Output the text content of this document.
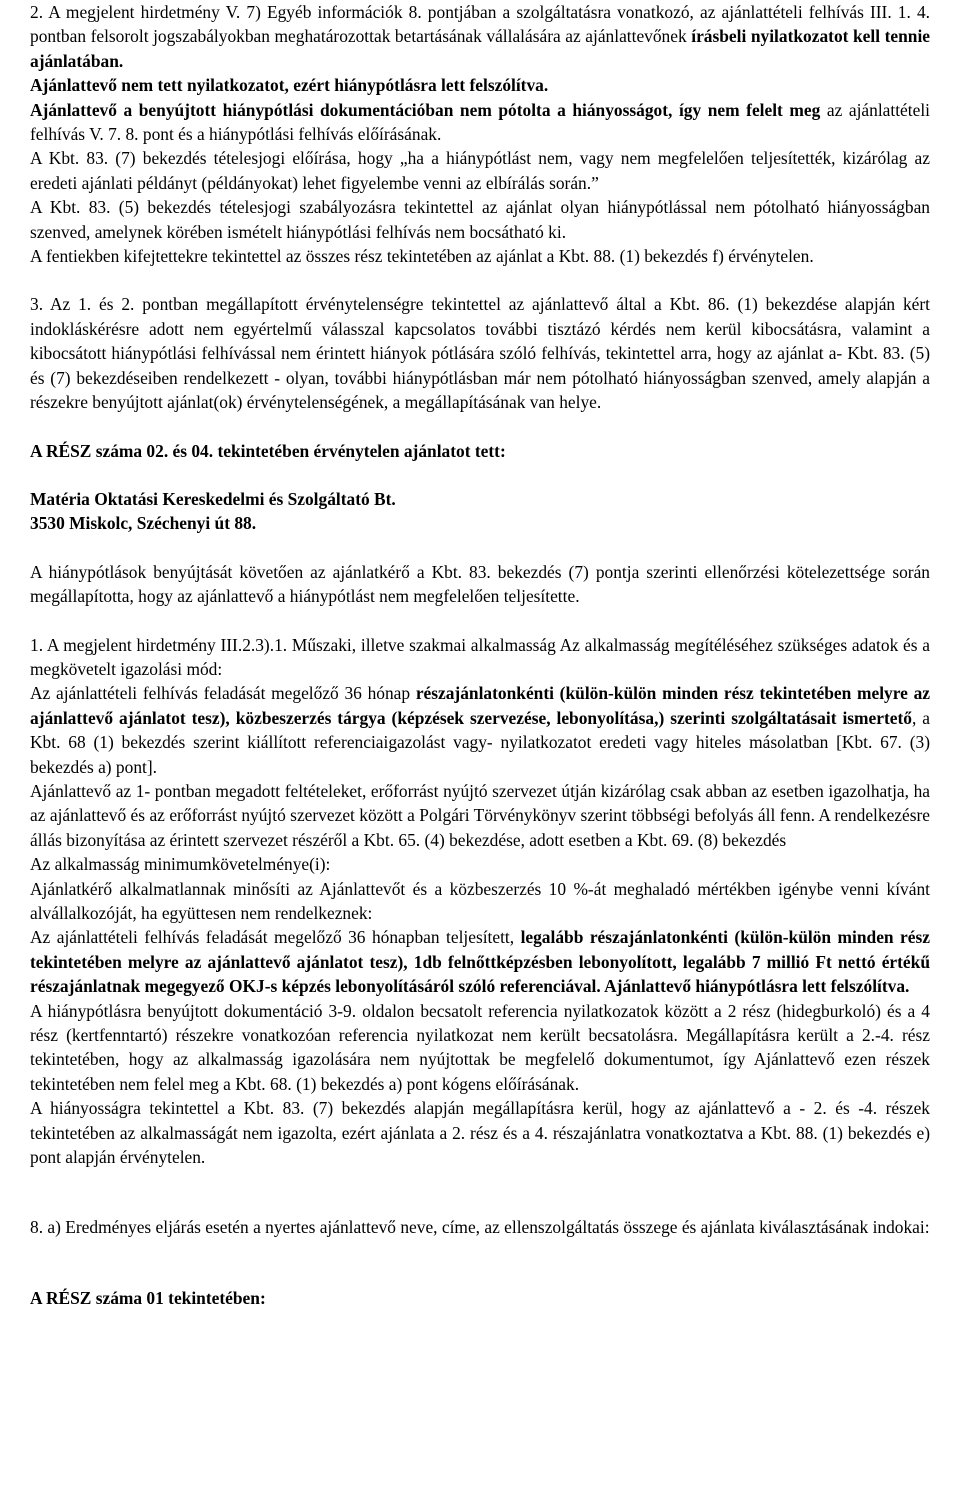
2. A megjelent hirdetmény V. 7) Egyéb információk 8. pontjában a szolgáltatásra vonatkozó, az ajánlattételi felhívás III. 1. 4. pontban felsorolt jogszabályokban meghatározottak betartásának vállalására az ajánlattevőnek írásbeli nyilatkozatot kell tennie ajánlatában.

Ajánlattevő nem tett nyilatkozatot, ezért hiánypótlásra lett felszólítva.

Ajánlattevő a benyújtott hiánypótlási dokumentációban nem pótolta a hiányosságot, így nem felelt meg az ajánlattételi felhívás V. 7. 8. pont és a hiánypótlási felhívás előírásának.

A Kbt. 83. (7) bekezdés tételesjogi előírása, hogy „ha a hiánypótlást nem, vagy nem megfelelően teljesítették, kizárólag az eredeti ajánlati példányt (példányokat) lehet figyelembe venni az elbírálás során.”

A Kbt. 83. (5) bekezdés tételesjogi szabályozásra tekintettel az ajánlat olyan hiánypótlással nem pótolható hiányosságban szenved, amelynek körében ismételt hiánypótlási felhívás nem bocsátható ki.

A fentiekben kifejtettekre tekintettel az összes rész tekintetében az ajánlat a Kbt. 88. (1) bekezdés f) érvénytelen.

3. Az 1. és 2. pontban megállapított érvénytelenségre tekintettel az ajánlattevő által a Kbt. 86. (1) bekezdése alapján kért indokláskérésre adott nem egyértelmű válasszal kapcsolatos további tisztázó kérdés nem kerül kibocsátásra, valamint a kibocsátott hiánypótlási felhívással nem érintett hiányok pótlására szóló felhívás, tekintettel arra, hogy az ajánlat a- Kbt. 83. (5) és (7) bekezdéseiben rendelkezett - olyan, további hiánypótlásban már nem pótolható hiányosságban szenved, amely alapján a részekre benyújtott ajánlat(ok) érvénytelenségének, a megállapításának van helye.

A RÉSZ száma 02. és 04. tekintetében érvénytelen ajánlatot tett:

Matéria Oktatási Kereskedelmi és Szolgáltató Bt.

3530 Miskolc, Széchenyi út 88.

A hiánypótlások benyújtását követően az ajánlatkérő a Kbt. 83. bekezdés (7) pontja szerinti ellenőrzési kötelezettsége során megállapította, hogy az ajánlattevő a hiánypótlást nem megfelelően teljesítette.

1. A megjelent hirdetmény III.2.3).1. Műszaki, illetve szakmai alkalmasság Az alkalmasság megítéléséhez szükséges adatok és a megkövetelt igazolási mód:

Az ajánlattételi felhívás feladását megelőző 36 hónap részajánlatonkénti (külön-külön minden rész tekintetében melyre az ajánlattevő ajánlatot tesz), közbeszerzés tárgya (képzések szervezése, lebonyolítása,) szerinti szolgáltatásait ismertető, a Kbt. 68 (1) bekezdés szerint kiállított referenciaigazolást vagy- nyilatkozatot eredeti vagy hiteles másolatban [Kbt. 67. (3) bekezdés a) pont].

Ajánlattevő az 1- pontban megadott feltételeket, erőforrást nyújtó szervezet útján kizárólag csak abban az esetben igazolhatja, ha az ajánlattevő és az erőforrást nyújtó szervezet között a Polgári Törvénykönyv szerint többségi befolyás áll fenn. A rendelkezésre állás bizonyítása az érintett szervezet részéről a Kbt. 65. (4) bekezdése, adott esetben a Kbt. 69. (8) bekezdés

Az alkalmasság minimumkövetelménye(i):

Ajánlatkérő alkalmatlannak minősíti az Ajánlattevőt és a közbeszerzés 10 %-át meghaladó mértékben igénybe venni kívánt alvállalkozóját, ha együttesen nem rendelkeznek:

Az ajánlattételi felhívás feladását megelőző 36 hónapban teljesített, legalább részajánlatonkénti (külön-külön minden rész tekintetében melyre az ajánlattevő ajánlatot tesz), 1db felnőttképzésben lebonyolított, legalább 7 millió Ft nettó értékű részajánlatnak megegyező OKJ-s képzés lebonyolításáról szóló referenciával. Ajánlattevő hiánypótlásra lett felszólítva.

A hiánypótlásra benyújtott dokumentáció 3-9. oldalon becsatolt referencia nyilatkozatok között a 2 rész (hidegburkoló) és a 4 rész (kertfenntartó) részekre vonatkozóan referencia nyilatkozat nem került becsatolásra. Megállapításra került a 2.-4. rész tekintetében, hogy az alkalmasság igazolására nem nyújtottak be megfelelő dokumentumot, így Ajánlattevő ezen részek tekintetében nem felel meg a Kbt. 68. (1) bekezdés a) pont kógens előírásának.

A hiányosságra tekintettel a Kbt. 83. (7) bekezdés alapján megállapításra kerül, hogy az ajánlattevő a - 2. és -4. részek tekintetében az alkalmasságát nem igazolta, ezért ajánlata a 2. rész és a 4. részajánlatra vonatkoztatva a Kbt. 88. (1) bekezdés e) pont alapján érvénytelen.

8. a) Eredményes eljárás esetén a nyertes ajánlattevő neve, címe, az ellenszolgáltatás összege és ajánlata kiválasztásának indokai:

A RÉSZ száma 01 tekintetében:
